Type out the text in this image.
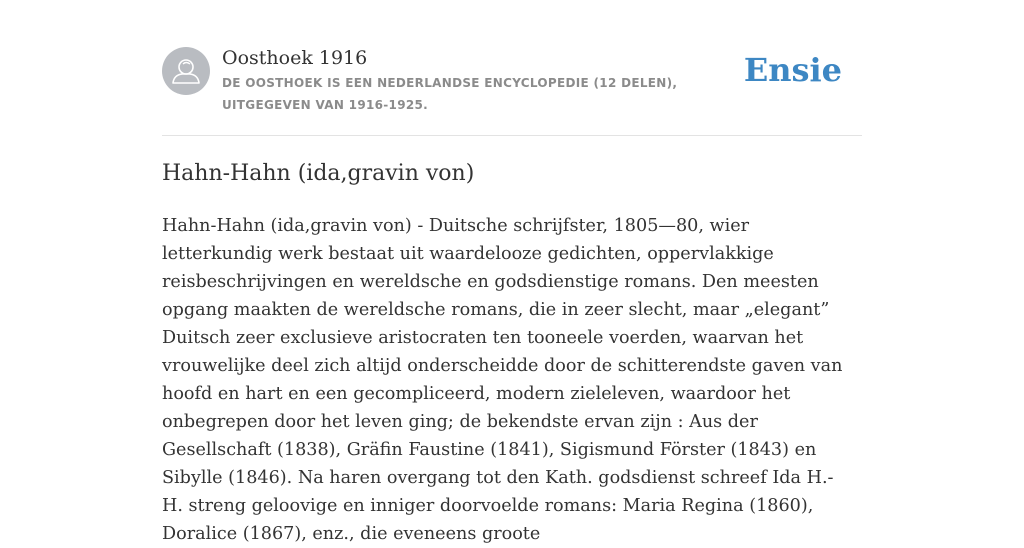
Oosthoek 1916
DE OOSTHOEK IS EEN NEDERLANDSE ENCYCLOPEDIE (12 DELEN), UITGEGEVEN VAN 1916-1925.
Ensie
Hahn-Hahn (ida,gravin von)

Hahn-Hahn (ida,gravin von) - Duitsche schrijfster, 1805—80, wier letterkundig werk bestaat uit waardelooze gedichten, oppervlakkige reisbeschrijvingen en wereldsche en godsdienstige romans. Den meesten opgang maakten de wereldsche romans, die in zeer slecht, maar „elegant” Duitsch zeer exclusieve aristocraten ten tooneele voerden, waarvan het vrouwelijke deel zich altijd onderscheidde door de schitterendste gaven van hoofd en hart en een gecompliceerd, modern zieleleven, waardoor het onbegrepen door het leven ging; de bekendste ervan zijn : Aus der Gesellschaft (1838), Gräfin Faustine (1841), Sigismund Förster (1843) en Sibylle (1846). Na haren overgang tot den Kath. godsdienst schreef Ida H.-H. streng geloovige en inniger doorvoelde romans: Maria Regina (1860), Doralice (1867), enz., die eveneens groote
